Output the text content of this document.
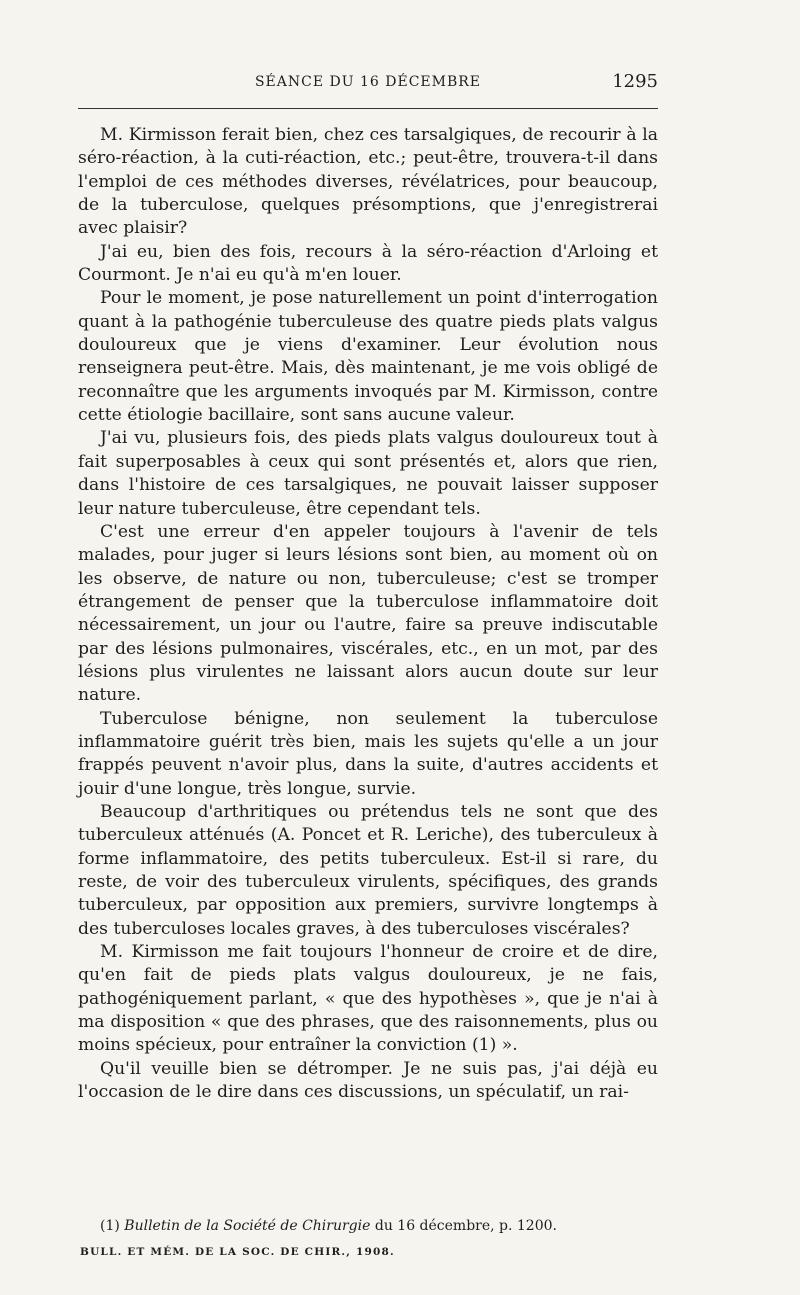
SÉANCE DU 16 DÉCEMBRE	1295

M. Kirmisson ferait bien, chez ces tarsalgiques, de recourir à la séro-réaction, à la cuti-réaction, etc.; peut-être, trouvera-t-il dans l'emploi de ces méthodes diverses, révélatrices, pour beaucoup, de la tuberculose, quelques présomptions, que j'enregistrerai avec plaisir?

J'ai eu, bien des fois, recours à la séro-réaction d'Arloing et Courmont. Je n'ai eu qu'à m'en louer.

Pour le moment, je pose naturellement un point d'interrogation quant à la pathogénie tuberculeuse des quatre pieds plats valgus douloureux que je viens d'examiner. Leur évolution nous renseignera peut-être. Mais, dès maintenant, je me vois obligé de reconnaître que les arguments invoqués par M. Kirmisson, contre cette étiologie bacillaire, sont sans aucune valeur.

J'ai vu, plusieurs fois, des pieds plats valgus douloureux tout à fait superposables à ceux qui sont présentés et, alors que rien, dans l'histoire de ces tarsalgiques, ne pouvait laisser supposer leur nature tuberculeuse, être cependant tels.

C'est une erreur d'en appeler toujours à l'avenir de tels malades, pour juger si leurs lésions sont bien, au moment où on les observe, de nature ou non, tuberculeuse; c'est se tromper étrangement de penser que la tuberculose inflammatoire doit nécessairement, un jour ou l'autre, faire sa preuve indiscutable par des lésions pulmonaires, viscérales, etc., en un mot, par des lésions plus virulentes ne laissant alors aucun doute sur leur nature.

Tuberculose bénigne, non seulement la tuberculose inflammatoire guérit très bien, mais les sujets qu'elle a un jour frappés peuvent n'avoir plus, dans la suite, d'autres accidents et jouir d'une longue, très longue, survie.

Beaucoup d'arthritiques ou prétendus tels ne sont que des tuberculeux atténués (A. Poncet et R. Leriche), des tuberculeux à forme inflammatoire, des petits tuberculeux. Est-il si rare, du reste, de voir des tuberculeux virulents, spécifiques, des grands tuberculeux, par opposition aux premiers, survivre longtemps à des tuberculoses locales graves, à des tuberculoses viscérales?

M. Kirmisson me fait toujours l'honneur de croire et de dire, qu'en fait de pieds plats valgus douloureux, je ne fais, pathogéniquement parlant, « que des hypothèses », que je n'ai à ma disposition « que des phrases, que des raisonnements, plus ou moins spécieux, pour entraîner la conviction (1) ».

Qu'il veuille bien se détromper. Je ne suis pas, j'ai déjà eu l'occasion de le dire dans ces discussions, un spéculatif, un rai-

(1) Bulletin de la Société de Chirurgie du 16 décembre, p. 1200.

BULL. ET MÉM. DE LA SOC. DE CHIR., 1908.
